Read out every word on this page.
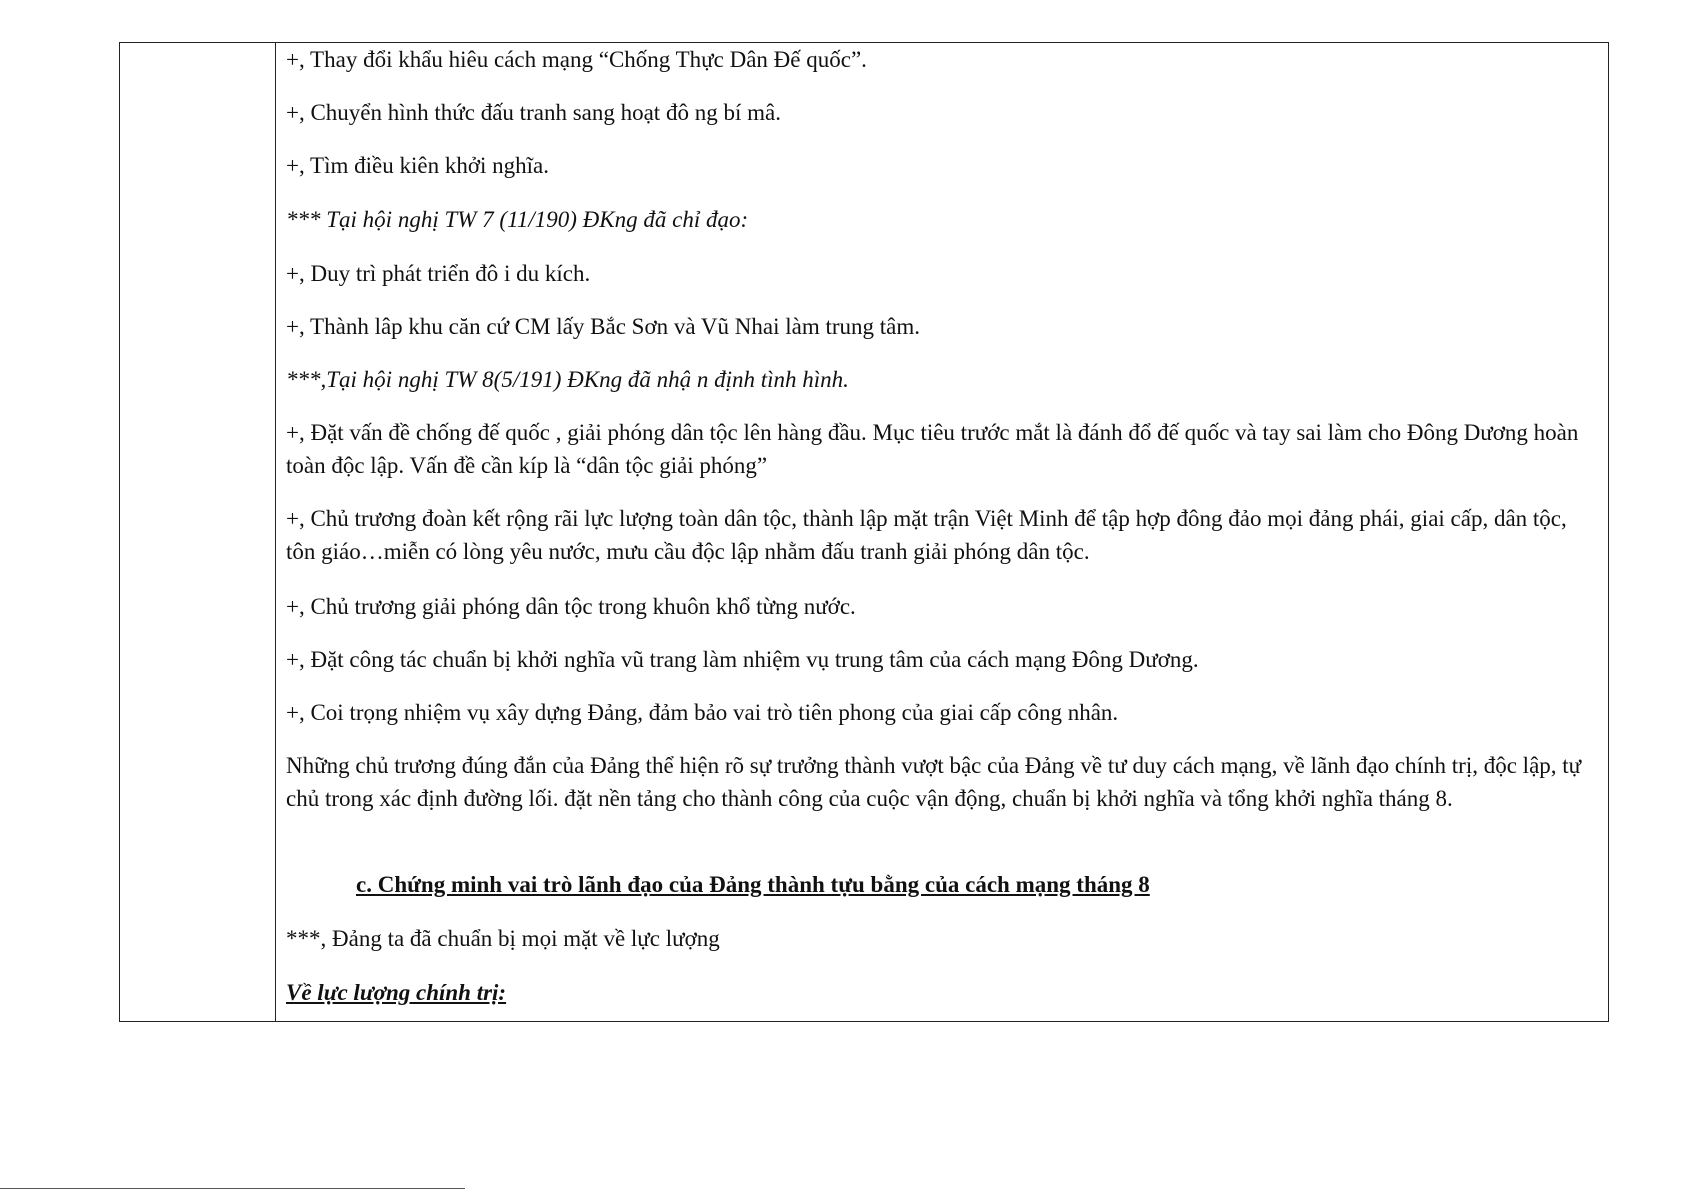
+, Thay đổi khẩu hiêu cách mạng “Chống Thực Dân Đế quốc”.

+, Chuyển hình thức đấu tranh sang hoạt đô ng bí mâ.

+, Tìm điều kiên khởi nghĩa.

*** Tại hội nghị TW 7 (11/190) ĐKng đã chỉ đạo:

+, Duy trì phát triển đô i du kích.

+, Thành lâp khu căn cứ CM lấy Bắc Sơn và Vũ Nhai làm trung tâm.

***,Tại hội nghị TW 8(5/191) ĐKng đã nhậ n định tình hình.

+, Đặt vấn đề chống đế quốc , giải phóng dân tộc lên hàng đầu. Mục tiêu trước mắt là đánh đổ đế quốc và tay sai làm cho Đông Dương hoàn toàn độc lập. Vấn đề cần kíp là “dân tộc giải phóng”

+, Chủ trương đoàn kết rộng rãi lực lượng toàn dân tộc, thành lập mặt trận Việt Minh để tập hợp đông đảo mọi đảng phái, giai cấp, dân tộc, tôn giáo…miễn có lòng yêu nước, mưu cầu độc lập nhằm đấu tranh giải phóng dân tộc.

+, Chủ trương giải phóng dân tộc trong khuôn khổ từng nước.

+, Đặt công tác chuẩn bị khởi nghĩa vũ trang làm nhiệm vụ trung tâm của cách mạng Đông Dương.

+, Coi trọng nhiệm vụ xây dựng Đảng, đảm bảo vai trò tiên phong của giai cấp công nhân.

Những chủ trương đúng đắn của Đảng thể hiện rõ sự trưởng thành vượt bậc của Đảng về tư duy cách mạng, về lãnh đạo chính trị, độc lập, tự chủ trong xác định đường lối. đặt nền tảng cho thành công của cuộc vận động, chuẩn bị khởi nghĩa và tổng khởi nghĩa tháng 8.

c. Chứng minh vai trò lãnh đạo của Đảng thành tựu bằng của cách mạng tháng 8

***, Đảng ta đã chuẩn bị mọi mặt về lực lượng

Về lực lượng chính trị:
